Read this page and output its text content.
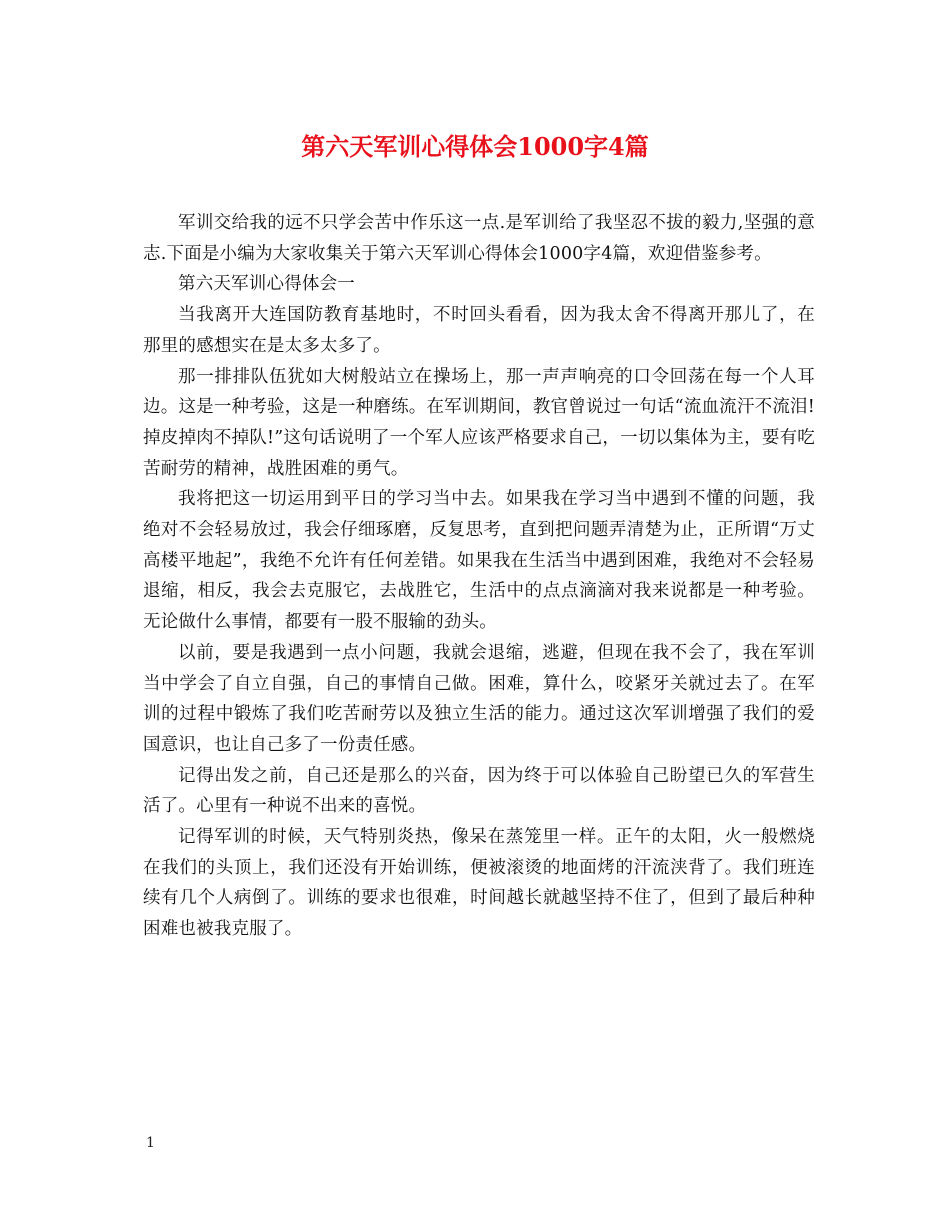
第六天军训心得体会1000字4篇

军训交给我的远不只学会苦中作乐这一点.是军训给了我坚忍不拔的毅力,坚强的意志.下面是小编为大家收集关于第六天军训心得体会1000字4篇，欢迎借鉴参考。

第六天军训心得体会一

当我离开大连国防教育基地时，不时回头看看，因为我太舍不得离开那儿了，在那里的感想实在是太多太多了。

那一排排队伍犹如大树般站立在操场上，那一声声响亮的口令回荡在每一个人耳边。这是一种考验，这是一种磨练。在军训期间，教官曾说过一句话“流血流汗不流泪!掉皮掉肉不掉队!”这句话说明了一个军人应该严格要求自己，一切以集体为主，要有吃苦耐劳的精神，战胜困难的勇气。

我将把这一切运用到平日的学习当中去。如果我在学习当中遇到不懂的问题，我绝对不会轻易放过，我会仔细琢磨，反复思考，直到把问题弄清楚为止，正所谓“万丈高楼平地起”，我绝不允许有任何差错。如果我在生活当中遇到困难，我绝对不会轻易退缩，相反，我会去克服它，去战胜它，生活中的点点滴滴对我来说都是一种考验。无论做什么事情，都要有一股不服输的劲头。

以前，要是我遇到一点小问题，我就会退缩，逃避，但现在我不会了，我在军训当中学会了自立自强，自己的事情自己做。困难，算什么，咬紧牙关就过去了。在军训的过程中锻炼了我们吃苦耐劳以及独立生活的能力。通过这次军训增强了我们的爱国意识，也让自己多了一份责任感。

记得出发之前，自己还是那么的兴奋，因为终于可以体验自己盼望已久的军营生活了。心里有一种说不出来的喜悦。

记得军训的时候，天气特别炎热，像呆在蒸笼里一样。正午的太阳，火一般燃烧在我们的头顶上，我们还没有开始训练，便被滚烫的地面烤的汗流浃背了。我们班连续有几个人病倒了。训练的要求也很难，时间越长就越坚持不住了，但到了最后种种困难也被我克服了。

1
